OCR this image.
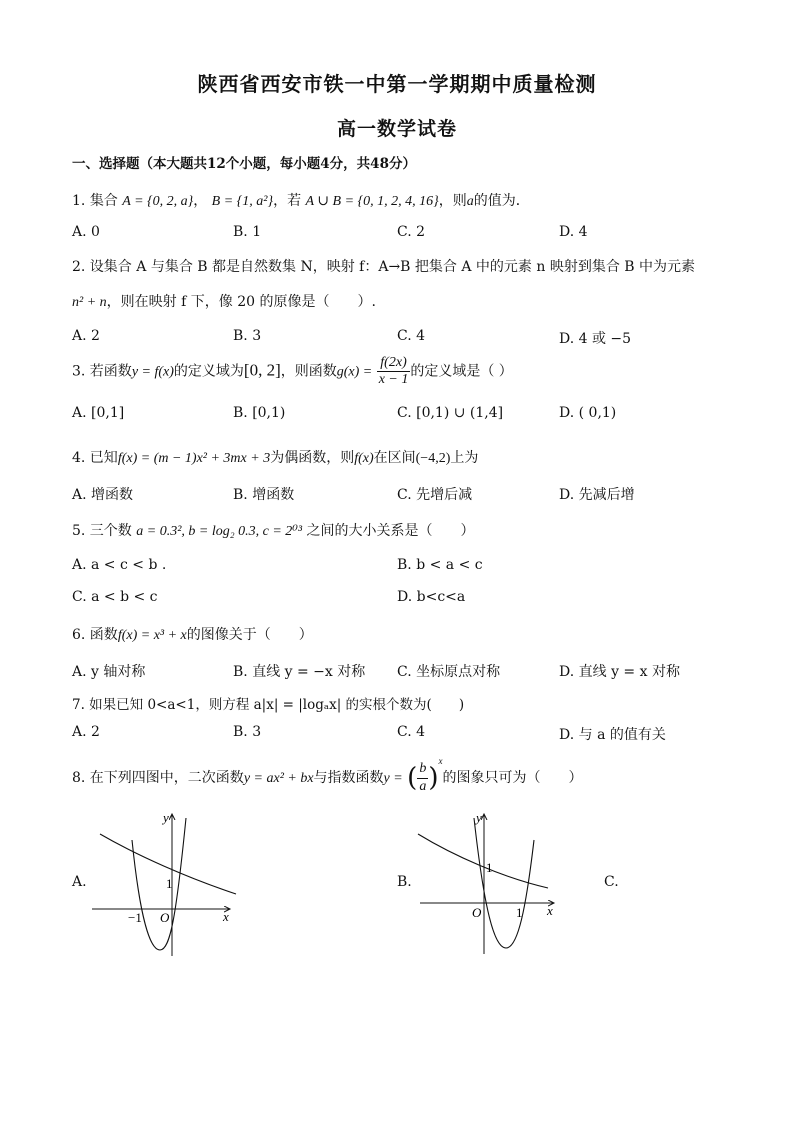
陕西省西安市铁一中第一学期期中质量检测
高一数学试卷
一、选择题（本大题共12个小题，每小题4分，共48分）
1. 集合 A = {0, 2, a}， B = {1, a²}，若 A ∪ B = {0, 1, 2, 4, 16}，则a的值为．
A. 0	B. 1	C. 2	D. 4
2. 设集合 A 与集合 B 都是自然数集 N，映射 f：A→B 把集合 A 中的元素 n 映射到集合 B 中为元素
n² + n，则在映射 f 下，像 20 的原像是（　　）.
A. 2	B. 3	C. 4	D. 4 或 −5
3. 若函数y = f(x)的定义域为[0, 2]，则函数$g(x) = \frac{f(2x)}{x - 1}$ 的定义域是（ ）
A. [0,1]	B. [0,1)	C. [0,1) ∪ (1,4]	D. ( 0,1)
4. 已知f(x) = (m − 1)x² + 3mx + 3为偶函数，则f(x)在区间(−4,2)上为
A. 增函数	B. 增函数	C. 先增后减	D. 先减后增
5. 三个数 a = 0.3², b = log₂ 0.3, c = 2⁰³ 之间的大小关系是（　　）
A. a < c < b .	B. b < a < c
C. a < b < c	D. b<c<a
6. 函数f(x) = x³ + x的图像关于（　　）
A. y 轴对称	B. 直线 y = −x 对称 C. 坐标原点对称	D. 直线 y = x 对称
7. 如果已知 0<a<1，则方程 a|x| = |logₐx| 的实根个数为(　　)
A. 2	B. 3	C. 4	D. 与 a 的值有关
8. 在下列四图中，二次函数y = ax² + bx与指数函数y = ( $\frac{b}{a} )^x$的图象只可为（　　）
A.	B.	C.
y
x
O
−1
1
y
x
O
1
1
